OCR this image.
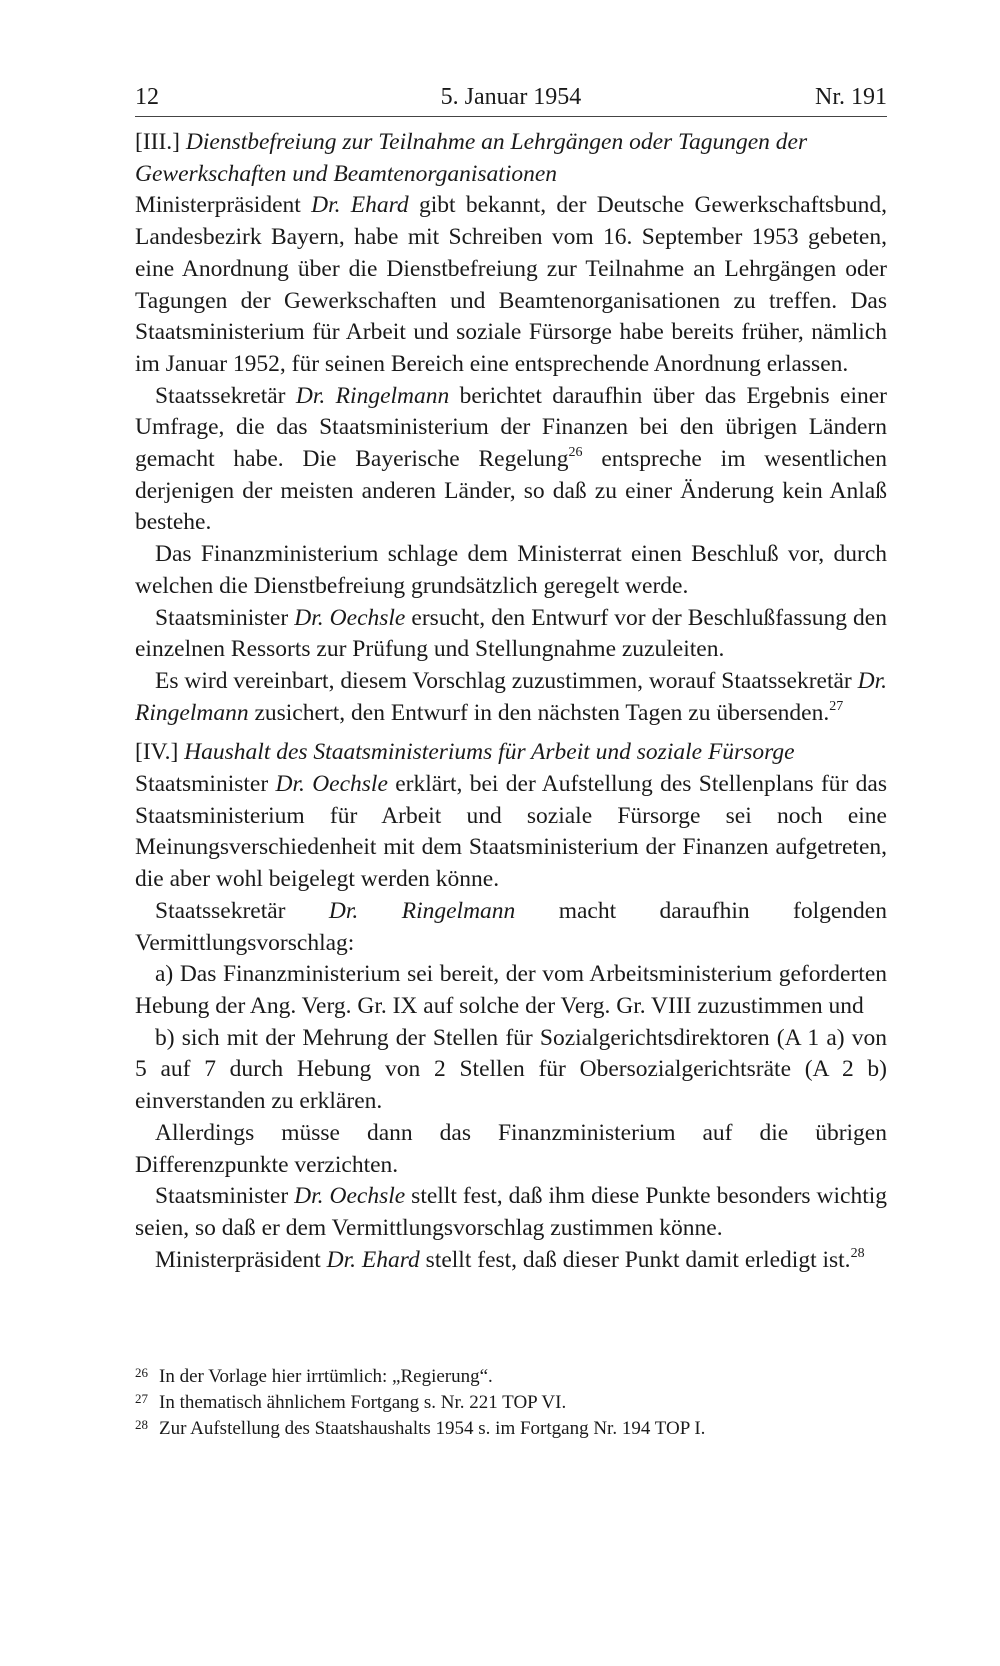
12	5. Januar 1954	Nr. 191

[III.] Dienstbefreiung zur Teilnahme an Lehrgängen oder Tagungen der Gewerkschaften und Beamtenorganisationen

Ministerpräsident Dr. Ehard gibt bekannt, der Deutsche Gewerkschaftsbund, Landesbezirk Bayern, habe mit Schreiben vom 16. September 1953 gebeten, eine Anordnung über die Dienstbefreiung zur Teilnahme an Lehrgängen oder Tagungen der Gewerkschaften und Beamtenorganisationen zu treffen. Das Staatsministerium für Arbeit und soziale Fürsorge habe bereits früher, nämlich im Januar 1952, für seinen Bereich eine entsprechende Anordnung erlassen.

Staatssekretär Dr. Ringelmann berichtet daraufhin über das Ergebnis einer Umfrage, die das Staatsministerium der Finanzen bei den übrigen Ländern gemacht habe. Die Bayerische Regelung$^{26}$ entspreche im wesentlichen derjenigen der meisten anderen Länder, so daß zu einer Änderung kein Anlaß bestehe.

Das Finanzministerium schlage dem Ministerrat einen Beschluß vor, durch welchen die Dienstbefreiung grundsätzlich geregelt werde.

Staatsminister Dr. Oechsle ersucht, den Entwurf vor der Beschlußfassung den einzelnen Ressorts zur Prüfung und Stellungnahme zuzuleiten.

Es wird vereinbart, diesem Vorschlag zuzustimmen, worauf Staatssekretär Dr. Ringelmann zusichert, den Entwurf in den nächsten Tagen zu übersenden.$^{27}$

[IV.] Haushalt des Staatsministeriums für Arbeit und soziale Fürsorge

Staatsminister Dr. Oechsle erklärt, bei der Aufstellung des Stellenplans für das Staatsministerium für Arbeit und soziale Fürsorge sei noch eine Meinungsverschiedenheit mit dem Staatsministerium der Finanzen aufgetreten, die aber wohl beigelegt werden könne.

Staatssekretär Dr. Ringelmann macht daraufhin folgenden Vermittlungsvorschlag:

a) Das Finanzministerium sei bereit, der vom Arbeitsministerium geforderten Hebung der Ang. Verg. Gr. IX auf solche der Verg. Gr. VIII zuzustimmen und

b) sich mit der Mehrung der Stellen für Sozialgerichtsdirektoren (A 1 a) von 5 auf 7 durch Hebung von 2 Stellen für Obersozialgerichtsräte (A 2 b) einverstanden zu erklären.

Allerdings müsse dann das Finanzministerium auf die übrigen Differenzpunkte verzichten.

Staatsminister Dr. Oechsle stellt fest, daß ihm diese Punkte besonders wichtig seien, so daß er dem Vermittlungsvorschlag zustimmen könne.

Ministerpräsident Dr. Ehard stellt fest, daß dieser Punkt damit erledigt ist.$^{28}$

26 In der Vorlage hier irrtümlich: „Regierung“.
27 In thematisch ähnlichem Fortgang s. Nr. 221 TOP VI.
28 Zur Aufstellung des Staatshaushalts 1954 s. im Fortgang Nr. 194 TOP I.
